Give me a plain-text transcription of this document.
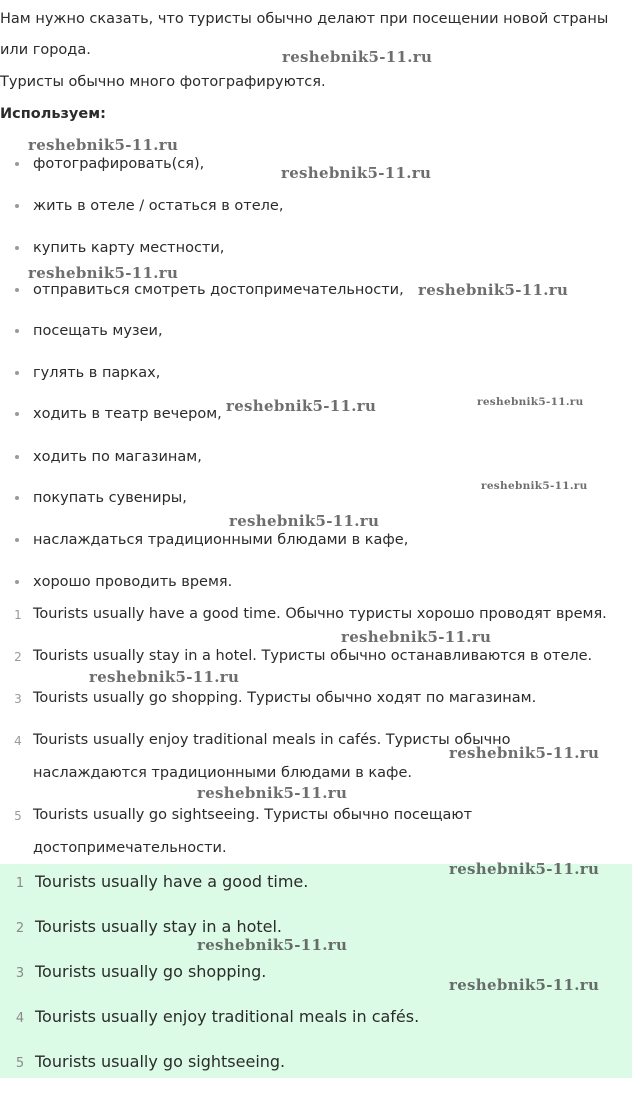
Нам нужно сказать, что туристы обычно делают при посещении новой страны
или города.
Туристы обычно много фотографируются.
Используем:
фотографировать(ся),
жить в отеле / остаться в отеле,
купить карту местности,
отправиться смотреть достопримечательности,
посещать музеи,
гулять в парках,
ходить в театр вечером,
ходить по магазинам,
покупать сувениры,
наслаждаться традиционными блюдами в кафе,
хорошо проводить время.
1 Tourists usually have a good time. Обычно туристы хорошо проводят время.
2 Tourists usually stay in a hotel. Туристы обычно останавливаются в отеле.
3 Tourists usually go shopping. Туристы обычно ходят по магазинам.
4 Tourists usually enjoy traditional meals in cafés. Туристы обычно
наслаждаются традиционными блюдами в кафе.
5 Tourists usually go sightseeing. Туристы обычно посещают
достопримечательности.
1 Tourists usually have a good time.
2 Tourists usually stay in a hotel.
3 Tourists usually go shopping.
4 Tourists usually enjoy traditional meals in cafés.
5 Tourists usually go sightseeing.
reshebnik5-11.ru
reshebnik5-11.ru
reshebnik5-11.ru
reshebnik5-11.ru
reshebnik5-11.ru
reshebnik5-11.ru	reshebnik5-11.ru
reshebnik5-11.ru
reshebnik5-11.ru
reshebnik5-11.ru
reshebnik5-11.ru
reshebnik5-11.ru
reshebnik5-11.ru
reshebnik5-11.ru
reshebnik5-11.ru
reshebnik5-11.ru
